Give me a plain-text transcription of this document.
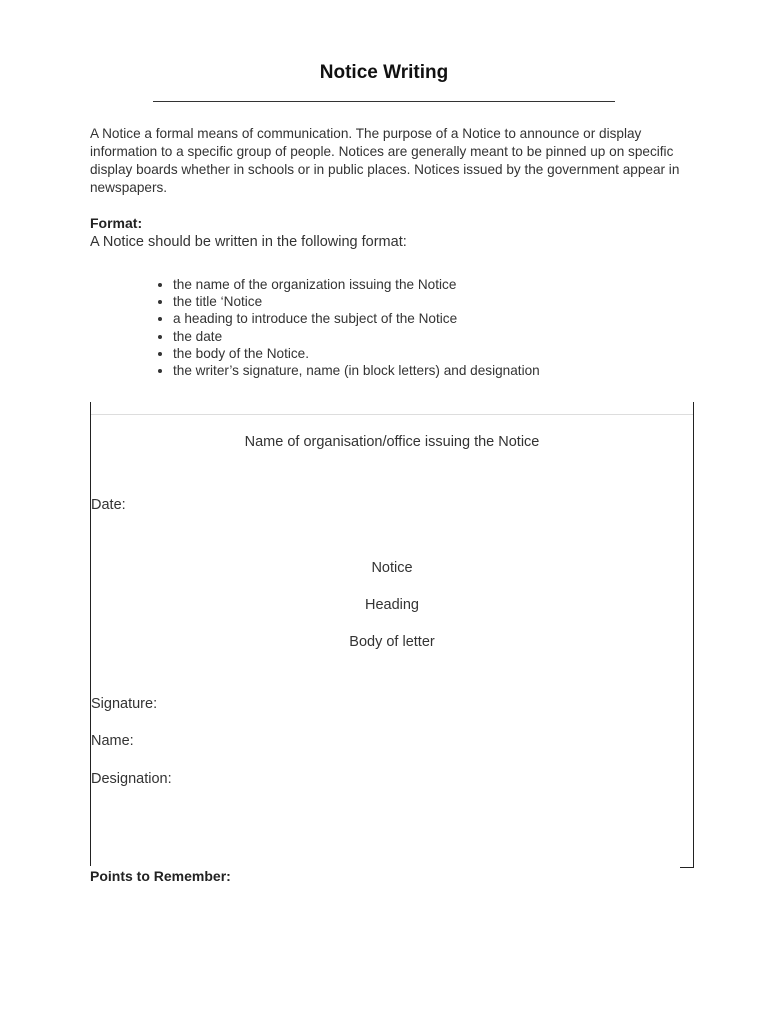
Notice Writing
A Notice a formal means of communication. The purpose of a Notice to announce or display information to a specific group of people. Notices are generally meant to be pinned up on specific display boards whether in schools or in public places. Notices issued by the government appear in newspapers.
Format:
A Notice should be written in the following format:
• the name of the organization issuing the Notice
• the title ‘Notice
• a heading to introduce the subject of the Notice
• the date
• the body of the Notice.
• the writer’s signature, name (in block letters) and designation
Name of organisation/office issuing the Notice
Date:
Notice
Heading
Body of letter
Signature:
Name:
Designation:
Points to Remember:
